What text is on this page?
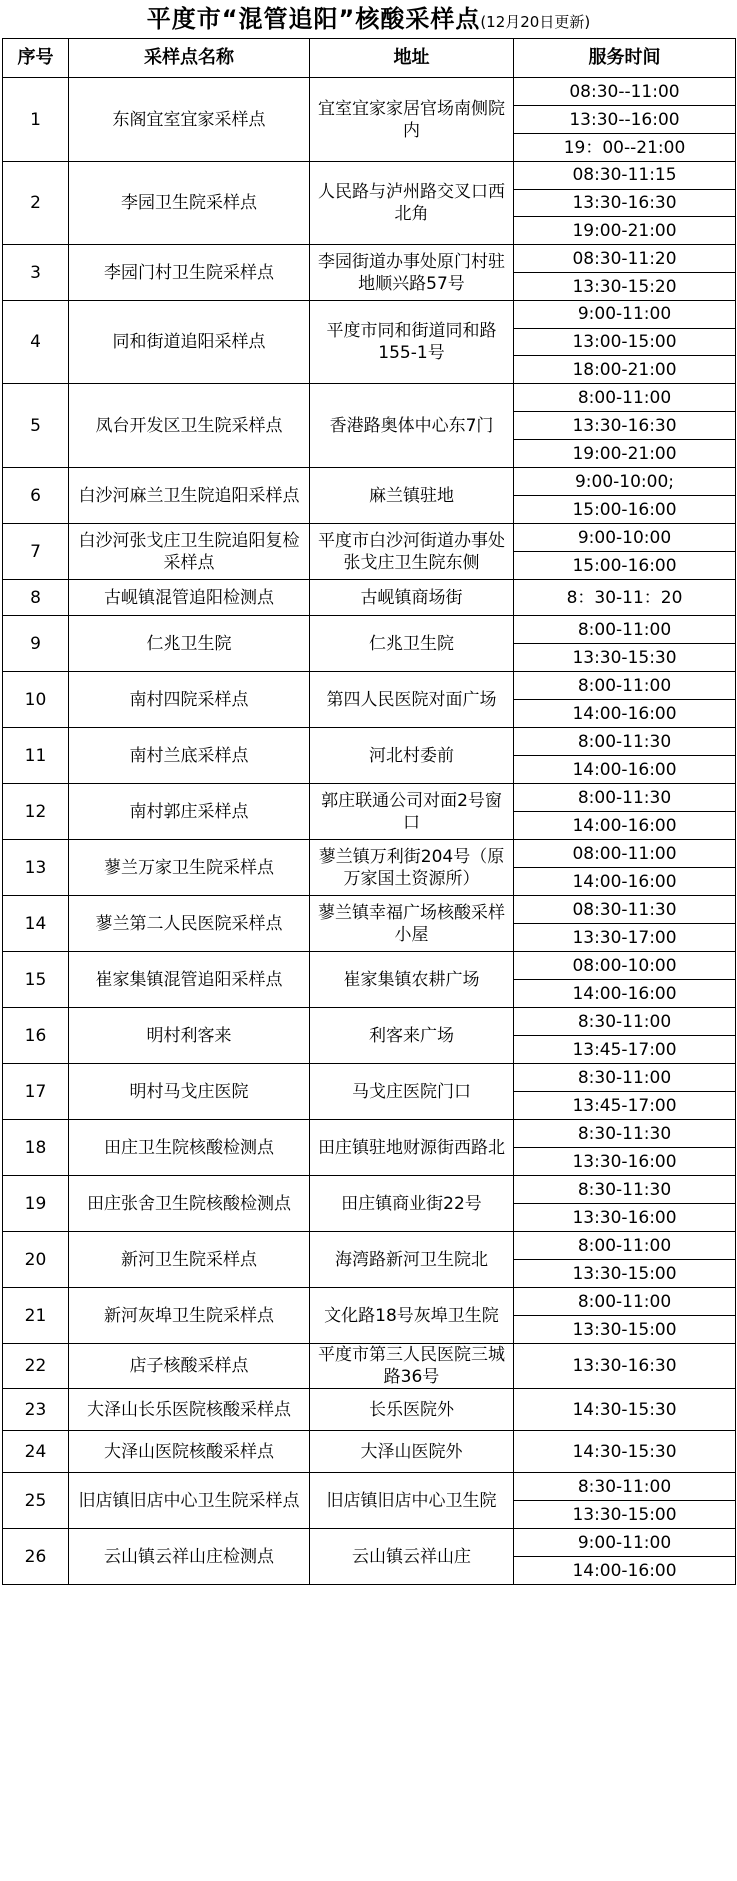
平度市“混管追阳”核酸采样点(12月20日更新)
序号	采样点名称	地址	服务时间
1	东阁宜室宜家采样点	宜室宜家家居官场南侧院内	08:30--11:00
13:30--16:00
19：00--21:00

2	李园卫生院采样点	人民路与泸州路交叉口西北角	08:30-11:15
13:30-16:30
19:00-21:00

3	李园门村卫生院采样点	李园街道办事处原门村驻地顺兴路57号	08:30-11:20
13:30-15:20

4	同和街道追阳采样点	平度市同和街道同和路155-1号	9:00-11:00
13:00-15:00
18:00-21:00

5	凤台开发区卫生院采样点	香港路奥体中心东7门	8:00-11:00
13:30-16:30
19:00-21:00

6	白沙河麻兰卫生院追阳采样点	麻兰镇驻地	9:00-10:00;
15:00-16:00

7	白沙河张戈庄卫生院追阳复检采样点	平度市白沙河街道办事处张戈庄卫生院东侧	9:00-10:00
15:00-16:00

8	古岘镇混管追阳检测点	古岘镇商场街	8：30-11：20

9	仁兆卫生院	仁兆卫生院	8:00-11:00
13:30-15:30

10	南村四院采样点	第四人民医院对面广场	8:00-11:00
14:00-16:00

11	南村兰底采样点	河北村委前	8:00-11:30
14:00-16:00

12	南村郭庄采样点	郭庄联通公司对面2号窗口	8:00-11:30
14:00-16:00

13	蓼兰万家卫生院采样点	蓼兰镇万利街204号（原万家国土资源所）	08:00-11:00
14:00-16:00

14	蓼兰第二人民医院采样点	蓼兰镇幸福广场核酸采样小屋	08:30-11:30
13:30-17:00

15	崔家集镇混管追阳采样点	崔家集镇农耕广场	08:00-10:00
14:00-16:00

16	明村利客来	利客来广场	8:30-11:00
13:45-17:00

17	明村马戈庄医院	马戈庄医院门口	8:30-11:00
13:45-17:00

18	田庄卫生院核酸检测点	田庄镇驻地财源街西路北	8:30-11:30
13:30-16:00

19	田庄张舍卫生院核酸检测点	田庄镇商业街22号	8:30-11:30
13:30-16:00

20	新河卫生院采样点	海湾路新河卫生院北	8:00-11:00
13:30-15:00

21	新河灰埠卫生院采样点	文化路18号灰埠卫生院	8:00-11:00
13:30-15:00

22	店子核酸采样点	平度市第三人民医院三城路36号	13:30-16:30

23	大泽山长乐医院核酸采样点	长乐医院外	14:30-15:30

24	大泽山医院核酸采样点	大泽山医院外	14:30-15:30

25	旧店镇旧店中心卫生院采样点	旧店镇旧店中心卫生院	8:30-11:00
13:30-15:00

26	云山镇云祥山庄检测点	云山镇云祥山庄	9:00-11:00
14:00-16:00
